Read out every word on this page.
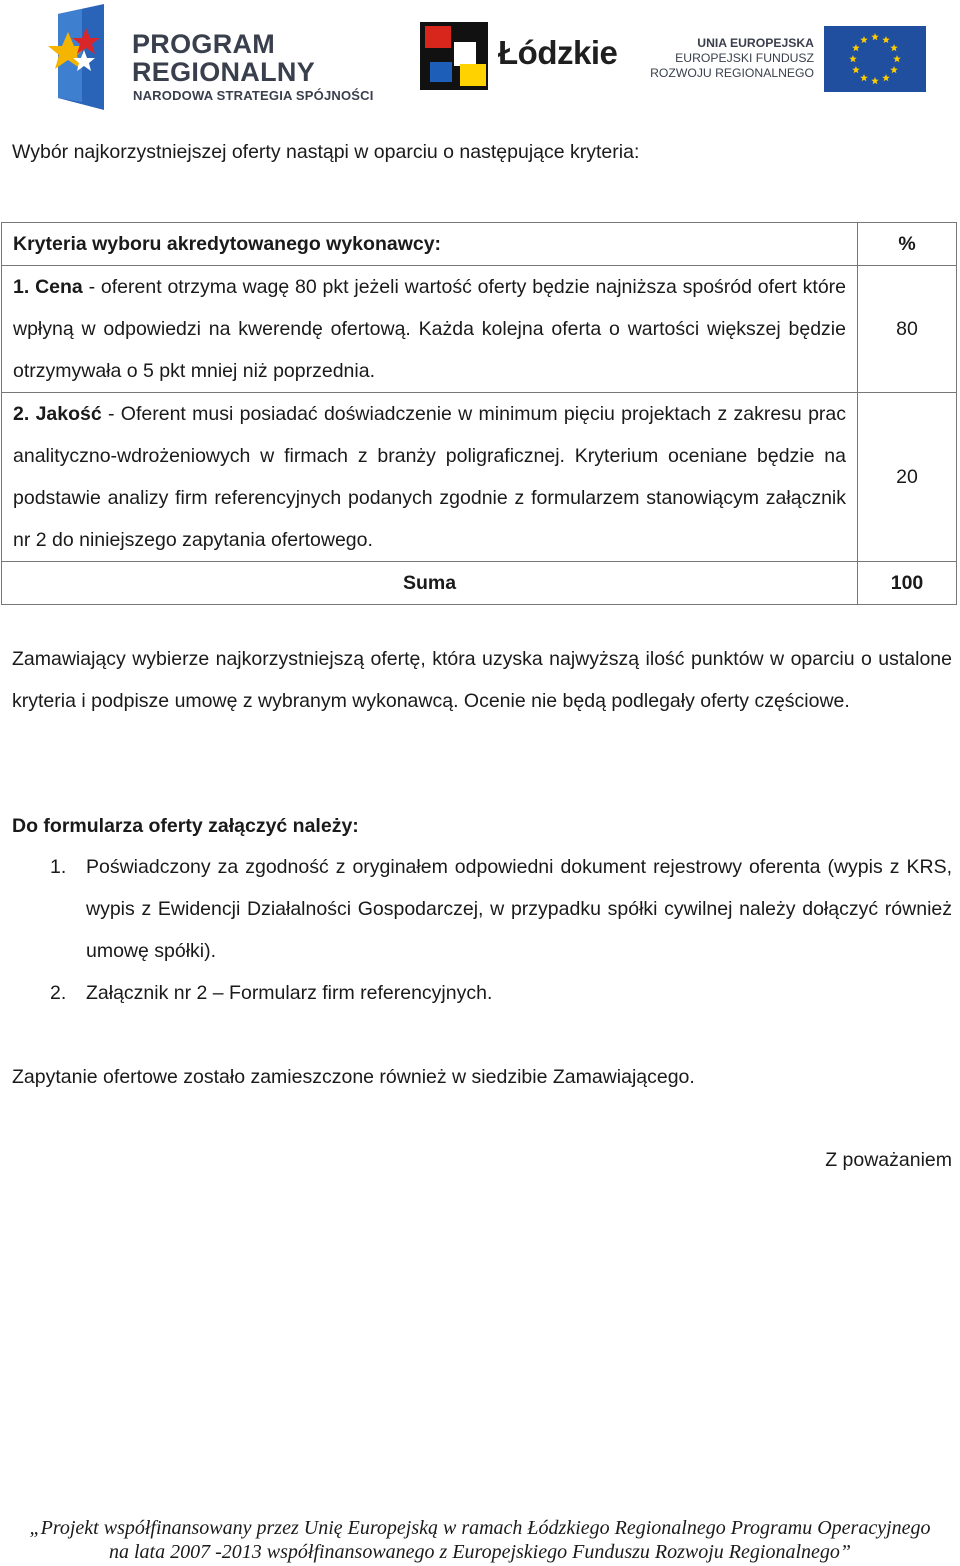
PROGRAM
REGIONALNY
NARODOWA STRATEGIA SPÓJNOŚCI
Łódzkie	UNIA EUROPEJSKA
EUROPEJSKI FUNDUSZ
ROZWOJU REGIONALNEGO
Wybór najkorzystniejszej oferty nastąpi w oparciu o następujące kryteria:
Kryteria wyboru akredytowanego wykonawcy:	%

1. Cena - oferent otrzyma wagę 80 pkt jeżeli wartość oferty będzie najniższa spośród ofert które wpłyną w odpowiedzi na kwerendę ofertową. Każda kolejna oferta o wartości większej będzie otrzymywała o 5 pkt mniej niż poprzednia.	80

2. Jakość - Oferent musi posiadać doświadczenie w minimum pięciu projektach z zakresu prac analityczno-wdrożeniowych w firmach z branży poligraficznej. Kryterium oceniane będzie na podstawie analizy firm referencyjnych podanych zgodnie z formularzem stanowiącym załącznik nr 2 do niniejszego zapytania ofertowego.	20
Suma	100
Zamawiający wybierze najkorzystniejszą ofertę, która uzyska najwyższą ilość punktów w oparciu o ustalone kryteria i podpisze umowę z wybranym wykonawcą. Ocenie nie będą podlegały oferty częściowe.
Do formularza oferty załączyć należy:
1. Poświadczony za zgodność z oryginałem odpowiedni dokument rejestrowy oferenta (wypis z KRS, wypis z Ewidencji Działalności Gospodarczej, w przypadku spółki cywilnej należy dołączyć również umowę spółki).
2. Załącznik nr 2 – Formularz firm referencyjnych.
Zapytanie ofertowe zostało zamieszczone również w siedzibie Zamawiającego.
Z poważaniem
„Projekt współfinansowany przez Unię Europejską w ramach Łódzkiego Regionalnego Programu Operacyjnego
na lata 2007 -2013 współfinansowanego z Europejskiego Funduszu Rozwoju Regionalnego”
